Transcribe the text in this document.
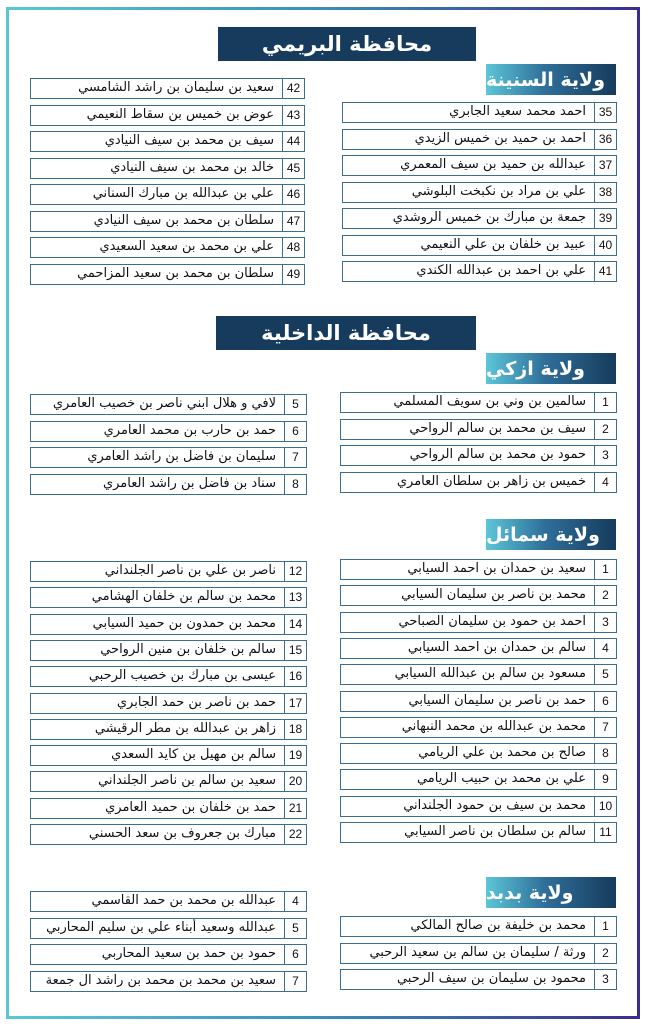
محافظة البريمي
محافظة الداخلية
ولاية السنينة
ولاية ازكي
ولاية سمائل
ولاية بدبد
احمد محمد سعيد الجابري	35
احمد بن حميد بن خميس الزيدي	36
عبدالله بن حميد بن سيف المعمري	37
علي بن مراد بن نكبخت البلوشي	38
جمعة بن مبارك بن خميس الروشدي	39
عبيد بن خلفان بن علي النعيمي	40
علي بن احمد بن عبدالله الكندي	41
سعيد بن سليمان بن راشد الشامسي	42
عوض بن خميس بن سقاط النعيمي	43
سيف بن محمد بن سيف النيادي	44
خالد بن محمد بن سيف النيادي	45
علي بن عبدالله بن مبارك السناني	46
سلطان بن محمد بن سيف النيادي	47
علي بن محمد بن سعيد السعيدي	48
سلطان بن محمد بن سعيد المزاحمي	49
سالمين بن وني بن سويف المسلمي	1
سيف بن محمد بن سالم الرواحي	2
حمود بن محمد بن سالم الرواحي	3
خميس بن زاهر بن سلطان العامري	4
لافي و هلال ابني ناصر بن خصيب العامري	5
حمد بن حارب بن محمد العامري	6
سليمان بن فاضل بن راشد العامري	7
سناد بن فاضل بن راشد العامري	8
سعيد بن حمدان بن احمد السيابي	1
محمد بن ناصر بن سليمان السيابي	2
احمد بن حمود بن سليمان الصباحي	3
سالم بن حمدان بن احمد السيابي	4
مسعود بن سالم بن عبدالله السيابي	5
حمد بن ناصر بن سليمان السيابي	6
محمد بن عبدالله بن محمد النبهاني	7
صالح بن محمد بن علي الريامي	8
علي بن محمد بن حبيب الريامي	9
محمد بن سيف بن حمود الجلنداني	10
سالم بن سلطان بن ناصر السيابي	11
ناصر بن علي بن ناصر الجلنداني	12
محمد بن سالم بن خلفان الهشامي	13
محمد بن حمدون بن حميد السيابي	14
سالم بن خلفان بن منين الرواحي	15
عيسى بن مبارك بن خصيب الرحبي	16
حمد بن ناصر بن حمد الجابري	17
زاهر بن عبدالله بن مطر الرقيشي	18
سالم بن مهيل بن كايد السعدي	19
سعيد بن سالم بن ناصر الجلنداني	20
حمد بن خلفان بن حميد العامري	21
مبارك بن جعروف بن سعد الحسني	22
محمد بن خليفة بن صالح المالكي	1
ورثة / سليمان بن سالم بن سعيد الرحبي	2
محمود بن سليمان بن سيف الرحبي	3
عبدالله بن محمد بن حمد القاسمي	4
عبدالله وسعيد أبناء علي بن سليم المحاربي	5
حمود بن حمد بن سعيد المحاربي	6
سعيد بن محمد بن محمد بن راشد ال جمعة	7
